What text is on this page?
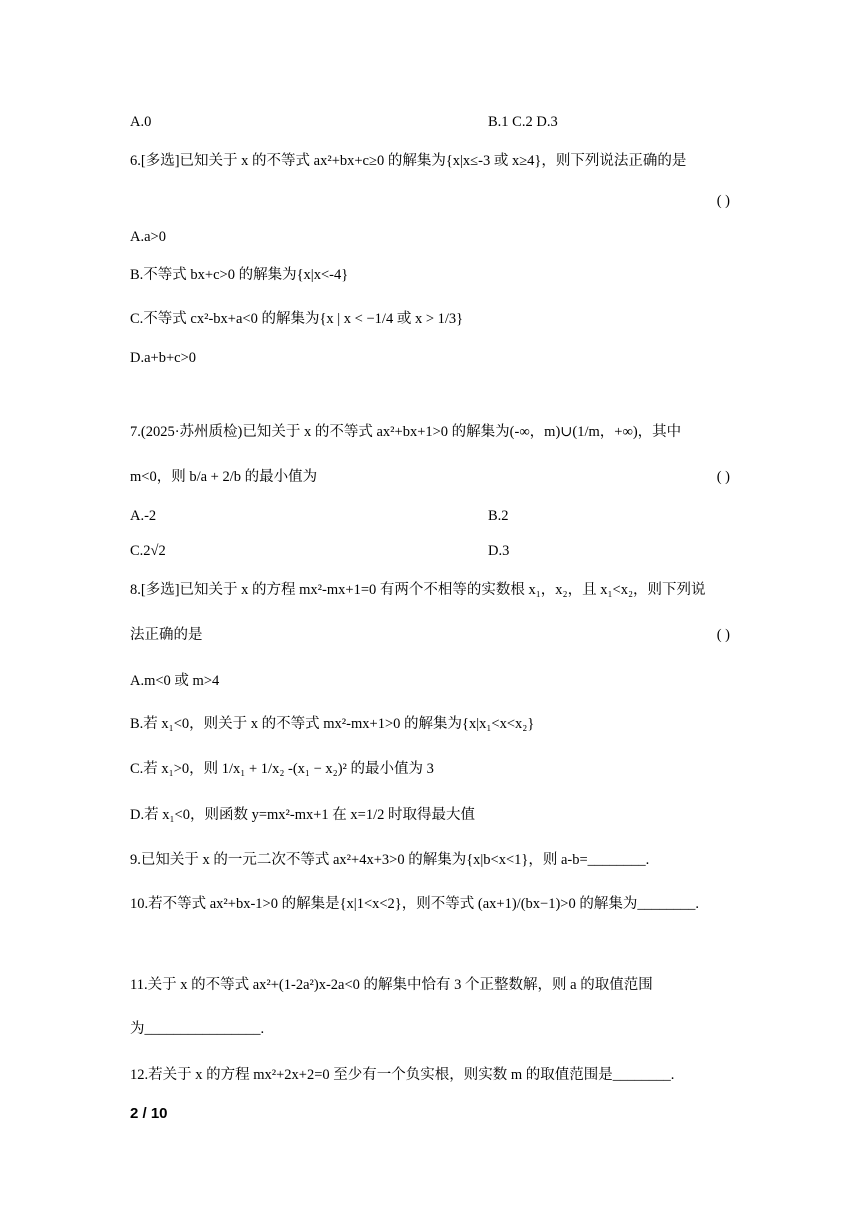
A.0	B.1 C.2 D.3
6.[多选]已知关于 x 的不等式 ax²+bx+c≥0 的解集为{x|x≤-3 或 x≥4}，则下列说法正确的是
( )
A.a>0
B.不等式 bx+c>0 的解集为{x|x<-4}
C.不等式 cx²-bx+a<0 的解集为{x | x < −1/4 或 x > 1/3}
D.a+b+c>0
7.(2025·苏州质检)已知关于 x 的不等式 ax²+bx+1>0 的解集为(-∞，m)∪(1/m，+∞)，其中
m<0，则 b/a + 2/b 的最小值为	( )
A.-2	B.2
C.2√2	D.3
8.[多选]已知关于 x 的方程 mx²-mx+1=0 有两个不相等的实数根 x₁，x₂，且 x₁<x₂，则下列说
法正确的是	( )
A.m<0 或 m>4
B.若 x₁<0，则关于 x 的不等式 mx²-mx+1>0 的解集为{x|x₁<x<x₂}
C.若 x₁>0，则 1/x₁ + 1/x₂ -(x₁ − x₂)² 的最小值为 3
D.若 x₁<0，则函数 y=mx²-mx+1 在 x=1/2 时取得最大值
9.已知关于 x 的一元二次不等式 ax²+4x+3>0 的解集为{x|b<x<1}，则 a-b=________.
10.若不等式 ax²+bx-1>0 的解集是{x|1<x<2}，则不等式 (ax+1)/(bx−1)>0 的解集为________.
11.关于 x 的不等式 ax²+(1-2a²)x-2a<0 的解集中恰有 3 个正整数解，则 a 的取值范围
为________________.
12.若关于 x 的方程 mx²+2x+2=0 至少有一个负实根，则实数 m 的取值范围是________.
2 / 10
